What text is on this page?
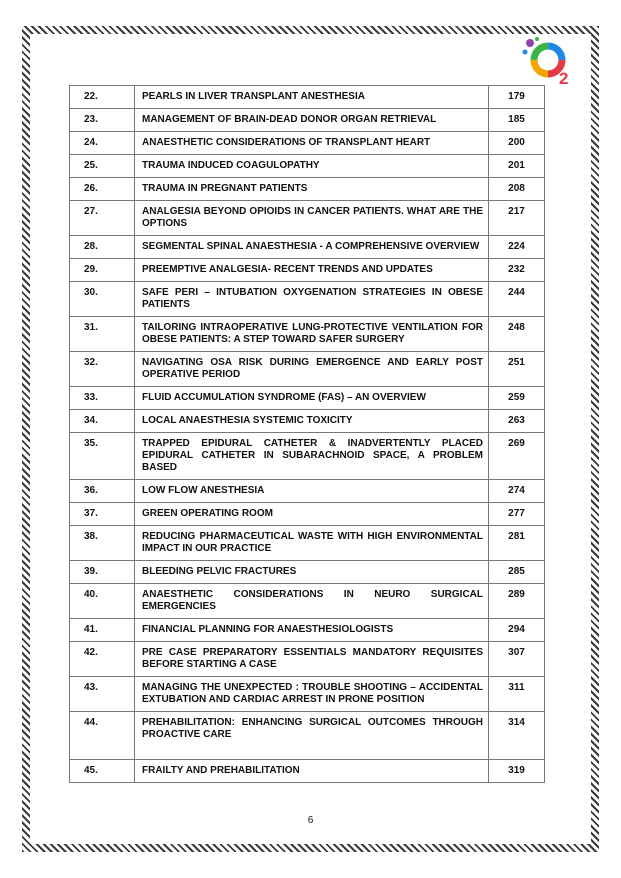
2
22.	PEARLS IN LIVER TRANSPLANT ANESTHESIA	179
23.	MANAGEMENT OF BRAIN-DEAD DONOR ORGAN RETRIEVAL	185
24.	ANAESTHETIC CONSIDERATIONS OF TRANSPLANT HEART	200
25.	TRAUMA INDUCED COAGULOPATHY	201
26.	TRAUMA IN PREGNANT PATIENTS	208
27.	ANALGESIA BEYOND OPIOIDS IN CANCER PATIENTS. WHAT ARE THE OPTIONS	217
28.	SEGMENTAL SPINAL ANAESTHESIA - A COMPREHENSIVE OVERVIEW	224
29.	PREEMPTIVE ANALGESIA- RECENT TRENDS AND UPDATES	232
30.	SAFE PERI – INTUBATION OXYGENATION STRATEGIES IN OBESE PATIENTS	244
31.	TAILORING INTRAOPERATIVE LUNG-PROTECTIVE VENTILATION FOR OBESE PATIENTS: A STEP TOWARD SAFER SURGERY	248
32.	NAVIGATING OSA RISK DURING EMERGENCE AND EARLY POST OPERATIVE PERIOD	251
33.	FLUID ACCUMULATION SYNDROME (FAS) – AN OVERVIEW	259
34.	LOCAL ANAESTHESIA SYSTEMIC TOXICITY	263
35.	TRAPPED EPIDURAL CATHETER & INADVERTENTLY PLACED EPIDURAL CATHETER IN SUBARACHNOID SPACE, A PROBLEM BASED	269
36.	LOW FLOW ANESTHESIA	274
37.	GREEN OPERATING ROOM	277
38.	REDUCING PHARMACEUTICAL WASTE WITH HIGH ENVIRONMENTAL IMPACT IN OUR PRACTICE	281
39.	BLEEDING PELVIC FRACTURES	285
40.	ANAESTHETIC CONSIDERATIONS IN NEURO SURGICAL EMERGENCIES	289
41.	FINANCIAL PLANNING FOR ANAESTHESIOLOGISTS	294
42.	PRE CASE PREPARATORY ESSENTIALS MANDATORY REQUISITES BEFORE STARTING A CASE	307
43.	MANAGING THE UNEXPECTED : TROUBLE SHOOTING – ACCIDENTAL EXTUBATION AND CARDIAC ARREST IN PRONE POSITION	311
44.	PREHABILITATION: ENHANCING SURGICAL OUTCOMES THROUGH PROACTIVE CARE	314
45.	FRAILTY AND PREHABILITATION	319
6
